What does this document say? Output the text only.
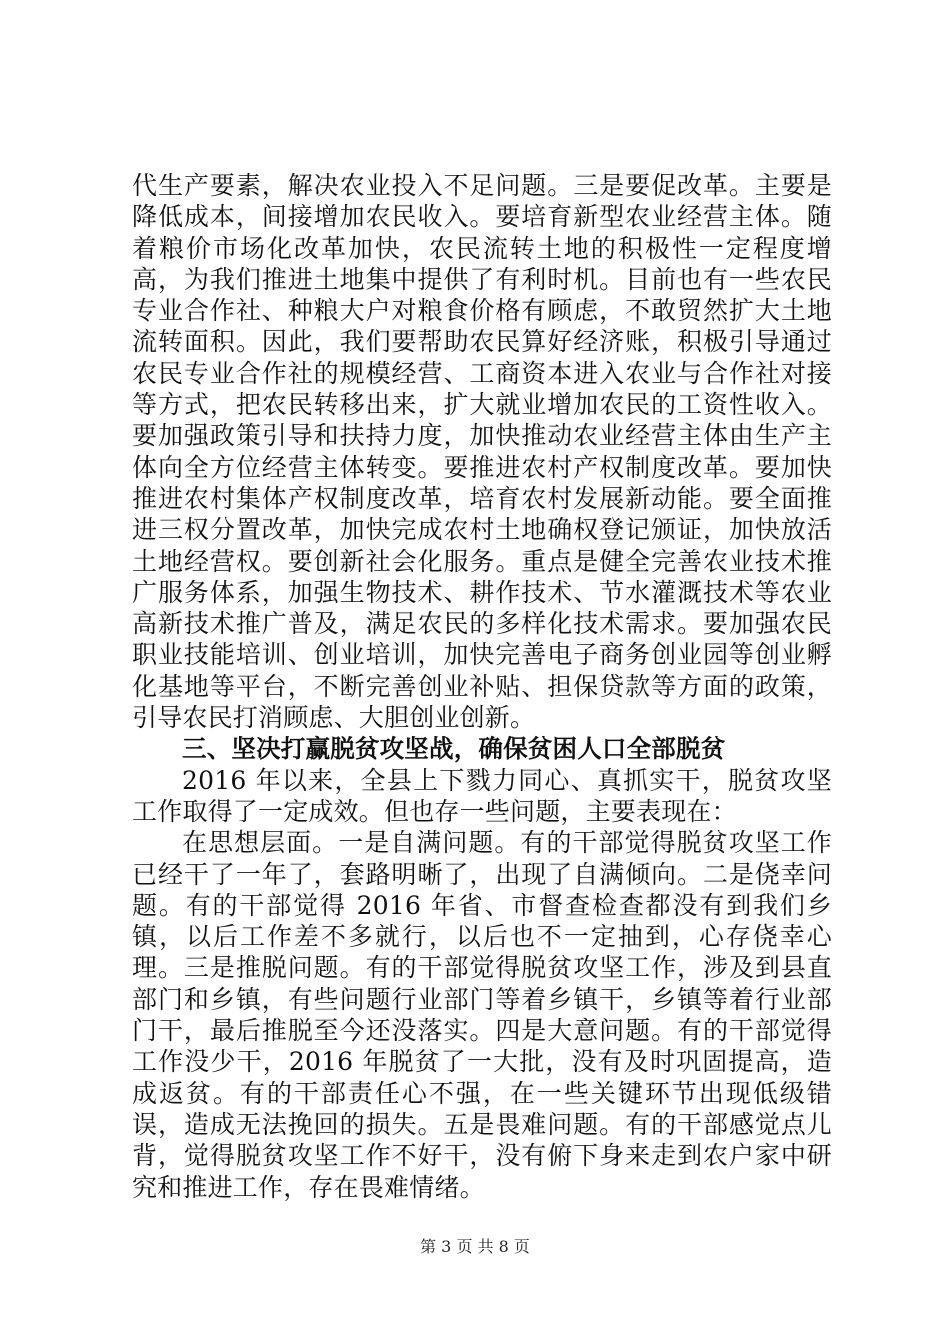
代生产要素，解决农业投入不足问题。三是要促改革。主要是降低成本，间接增加农民收入。要培育新型农业经营主体。随着粮价市场化改革加快，农民流转土地的积极性一定程度增高，为我们推进土地集中提供了有利时机。目前也有一些农民专业合作社、种粮大户对粮食价格有顾虑，不敢贸然扩大土地流转面积。因此，我们要帮助农民算好经济账，积极引导通过农民专业合作社的规模经营、工商资本进入农业与合作社对接等方式，把农民转移出来，扩大就业增加农民的工资性收入。要加强政策引导和扶持力度，加快推动农业经营主体由生产主体向全方位经营主体转变。要推进农村产权制度改革。要加快推进农村集体产权制度改革，培育农村发展新动能。要全面推进三权分置改革，加快完成农村土地确权登记颁证，加快放活土地经营权。要创新社会化服务。重点是健全完善农业技术推广服务体系，加强生物技术、耕作技术、节水灌溉技术等农业高新技术推广普及，满足农民的多样化技术需求。要加强农民职业技能培训、创业培训，加快完善电子商务创业园等创业孵化基地等平台，不断完善创业补贴、担保贷款等方面的政策，引导农民打消顾虑、大胆创业创新。

三、坚决打赢脱贫攻坚战，确保贫困人口全部脱贫

2016 年以来，全县上下戮力同心、真抓实干，脱贫攻坚工作取得了一定成效。但也存一些问题，主要表现在：

在思想层面。一是自满问题。有的干部觉得脱贫攻坚工作已经干了一年了，套路明晰了，出现了自满倾向。二是侥幸问题。有的干部觉得 2016 年省、市督查检查都没有到我们乡镇，以后工作差不多就行，以后也不一定抽到，心存侥幸心理。三是推脱问题。有的干部觉得脱贫攻坚工作，涉及到县直部门和乡镇，有些问题行业部门等着乡镇干，乡镇等着行业部门干，最后推脱至今还没落实。四是大意问题。有的干部觉得工作没少干，2016 年脱贫了一大批，没有及时巩固提高，造成返贫。有的干部责任心不强，在一些关键环节出现低级错误，造成无法挽回的损失。五是畏难问题。有的干部感觉点儿背，觉得脱贫攻坚工作不好干，没有俯下身来走到农户家中研究和推进工作，存在畏难情绪。

第 3 页 共 8 页
